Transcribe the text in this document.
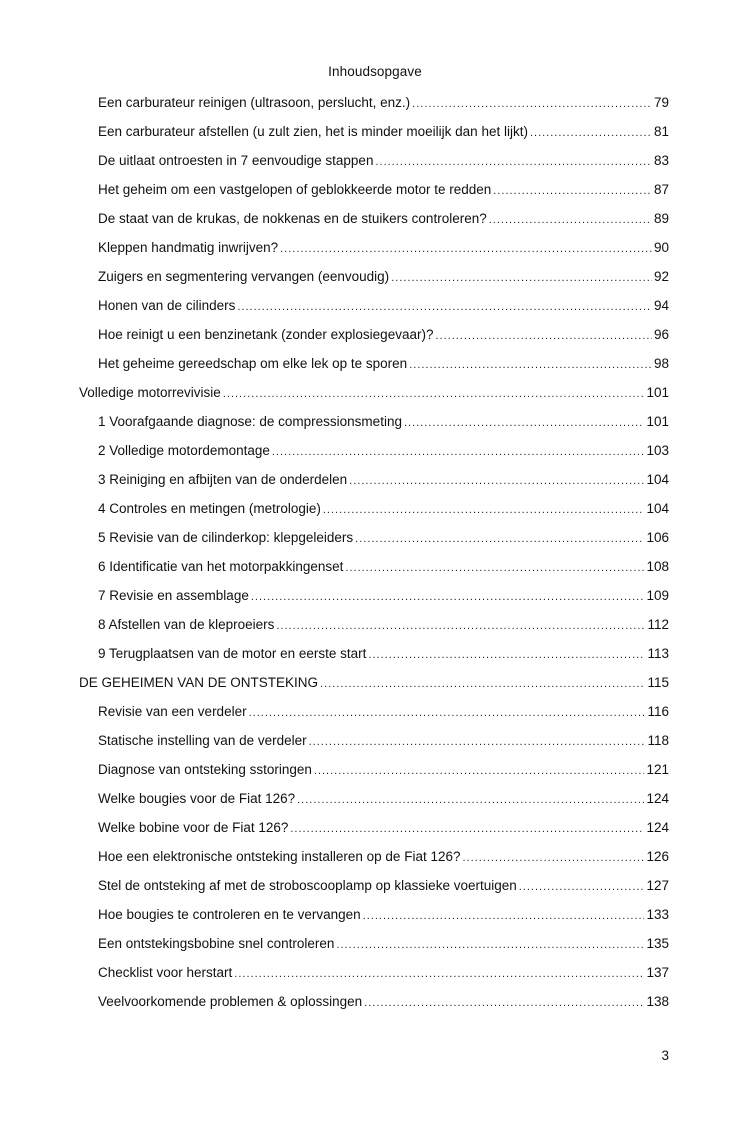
Inhoudsopgave
Een carburateur reinigen (ultrasoon, perslucht, enz.) .....	79
Een carburateur afstellen (u zult zien, het is minder moeilijk dan het lijkt) .....	81
De uitlaat ontroesten in 7 eenvoudige stappen .....	83
Het geheim om een vastgelopen of geblokkeerde motor te redden .....	87
De staat van de krukas, de nokkenas en de stuikers controleren? .....	89
Kleppen handmatig inwrijven? .....	90
Zuigers en segmentering vervangen (eenvoudig) .....	92
Honen van de cilinders .....	94
Hoe reinigt u een benzinetank (zonder explosiegevaar)? .....	96
Het geheime gereedschap om elke lek op te sporen .....	98
Volledige motorrevivisie .....	101
1 Voorafgaande diagnose: de compressionsmeting .....	101
2 Volledige motordemontage .....	103
3 Reiniging en afbijten van de onderdelen .....	104
4 Controles en metingen (metrologie) .....	104
5 Revisie van de cilinderkop: klepgeleiders .....	106
6 Identificatie van het motorpakkingenset .....	108
7 Revisie en assemblage .....	109
8 Afstellen van de kleproeiers .....	112
9 Terugplaatsen van de motor en eerste start .....	113
DE GEHEIMEN VAN DE ONTSTEKING .....	115
Revisie van een verdeler .....	116
Statische instelling van de verdeler .....	118
Diagnose van ontsteking sstoringen .....	121
Welke bougies voor de Fiat 126? .....	124
Welke bobine voor de Fiat 126? .....	124
Hoe een elektronische ontsteking installeren op de Fiat 126? .....	126
Stel de ontsteking af met de stroboscooplamp op klassieke voertuigen .....	127
Hoe bougies te controleren en te vervangen .....	133
Een ontstekingsbobine snel controleren .....	135
Checklist voor herstart .....	137
Veelvoorkomende problemen & oplossingen .....	138
3
